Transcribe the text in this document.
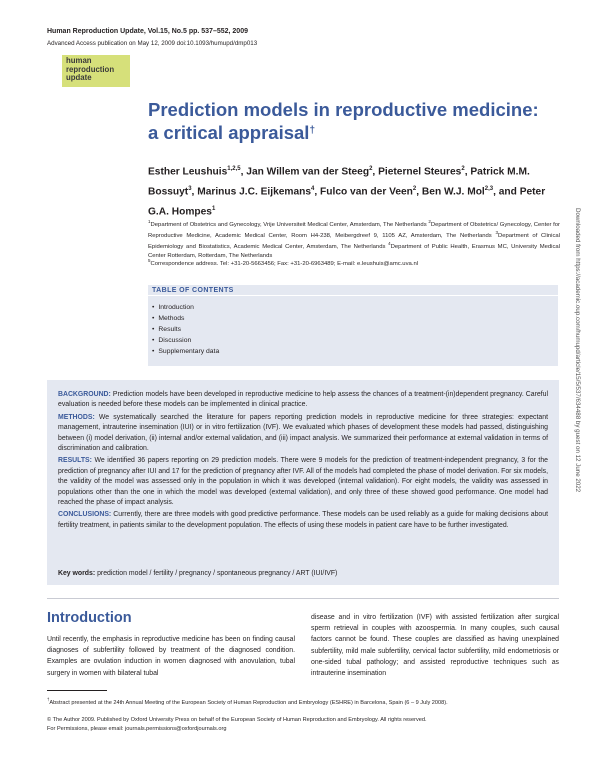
Human Reproduction Update, Vol.15, No.5 pp. 537–552, 2009
Advanced Access publication on May 12, 2009 doi:10.1093/humupd/dmp013
human
reproduction
update
Prediction models in reproductive medicine: a critical appraisal†
Esther Leushuis$^{1,2,5}$, Jan Willem van der Steeg$^2$, Pieternel Steures$^2$, Patrick M.M. Bossuyt$^3$, Marinus J.C. Eijkemans$^4$, Fulco van der Veen$^2$, Ben W.J. Mol$^{2,3}$, and Peter G.A. Hompes$^1$
$^1$Department of Obstetrics and Gynecology, Vrije Universiteit Medical Center, Amsterdam, The Netherlands $^2$Department of Obstetrics/ Gynecology, Center for Reproductive Medicine, Academic Medical Center, Room H4-238, Meibergdreef 9, 1105 AZ, Amsterdam, The Netherlands $^3$Department of Clinical Epidemiology and Biostatistics, Academic Medical Center, Amsterdam, The Netherlands $^4$Department of Public Health, Erasmus MC, University Medical Center Rotterdam, Rotterdam, The Netherlands
$^5$Correspondence address. Tel: +31-20-5663456; Fax: +31-20-6963489; E-mail: e.leushuis@amc.uva.nl
TABLE OF CONTENTS
• Introduction
• Methods
• Results
• Discussion
• Supplementary data

BACKGROUND: Prediction models have been developed in reproductive medicine to help assess the chances of a treatment-(in)dependent pregnancy. Careful evaluation is needed before these models can be implemented in clinical practice.

METHODS: We systematically searched the literature for papers reporting prediction models in reproductive medicine for three strategies: expectant management, intrauterine insemination (IUI) or in vitro fertilization (IVF). We evaluated which phases of development these models had passed, distinguishing between (i) model derivation, (ii) internal and/or external validation, and (iii) impact analysis. We summarized their performance at external validation in terms of discrimination and calibration.

RESULTS: We identified 36 papers reporting on 29 prediction models. There were 9 models for the prediction of treatment-independent pregnancy, 3 for the prediction of pregnancy after IUI and 17 for the prediction of pregnancy after IVF. All of the models had completed the phase of model derivation. For six models, the validity of the model was assessed only in the population in which it was developed (internal validation). For eight models, the validity was assessed in populations other than the one in which the model was developed (external validation), and only three of these showed good performance. One model had reached the phase of impact analysis.

CONCLUSIONS: Currently, there are three models with good predictive performance. These models can be used reliably as a guide for making decisions about fertility treatment, in patients similar to the development population. The effects of using these models in patient care have to be further investigated.

Key words: prediction model / fertility / pregnancy / spontaneous pregnancy / ART (IUI/IVF)
Introduction
Until recently, the emphasis in reproductive medicine has been on finding causal diagnoses of subfertility followed by treatment of the diagnosed condition. Examples are ovulation induction in women diagnosed with anovulation, tubal surgery in women with bilateral tubal
disease and in vitro fertilization (IVF) with assisted fertilization after surgical sperm retrieval in couples with azoospermia. In many couples, such causal factors cannot be found. These couples are classified as having unexplained subfertility, mild male subfertility, cervical factor subfertility, mild endometriosis or one-sided tubal pathology; and assisted reproductive techniques such as intrauterine insemination
†Abstract presented at the 24th Annual Meeting of the European Society of Human Reproduction and Embryology (ESHRE) in Barcelona, Spain (6 – 9 July 2008).
© The Author 2009. Published by Oxford University Press on behalf of the European Society of Human Reproduction and Embryology. All rights reserved.
For Permissions, please email: journals.permissions@oxfordjournals.org
Downloaded from https://academic.oup.com/humupd/article/15/5/537/634488 by guest on 12 June 2022
